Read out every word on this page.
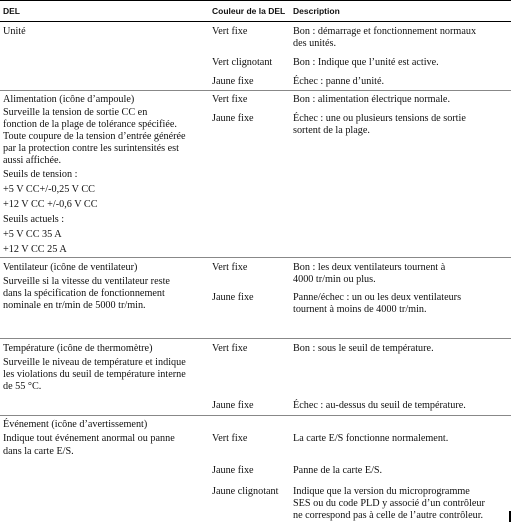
DEL	Couleur de la DEL Description
Unité	Vert fixe	Bon : démarrage et fonctionnement normaux
des unités.
Vert clignotant Bon : Indique que l’unité est active.
Jaune fixe	Échec : panne d’unité.
Alimentation (icône d’ampoule)
Surveille la tension de sortie CC en
fonction de la plage de tolérance spécifiée.
Toute coupure de la tension d’entrée générée
par la protection contre les surintensités est
aussi affichée.
Seuils de tension :
+5 V CC+/-0,25 V CC
+12 V CC +/-0,6 V CC
Seuils actuels :
+5 V CC 35 A
+12 V CC 25 A
Vert fixe	Bon : alimentation électrique normale.
Jaune fixe	Échec : une ou plusieurs tensions de sortie
sortent de la plage.
Ventilateur (icône de ventilateur)
Surveille si la vitesse du ventilateur reste
dans la spécification de fonctionnement
nominale en tr/min de 5000 tr/min.
Vert fixe	Bon : les deux ventilateurs tournent à
4000 tr/min ou plus.
Jaune fixe	Panne/échec : un ou les deux ventilateurs
tournent à moins de 4000 tr/min.
Température (icône de thermomètre)
Surveille le niveau de température et indique
les violations du seuil de température interne
de 55 °C.
Vert fixe	Bon : sous le seuil de température.
Jaune fixe	Échec : au-dessus du seuil de température.
Événement (icône d’avertissement)
Indique tout événement anormal ou panne
dans la carte E/S.
Vert fixe	La carte E/S fonctionne normalement.
Jaune fixe	Panne de la carte E/S.
Jaune clignotant Indique que la version du microprogramme
SES ou du code PLD y associé d’un contrôleur
ne correspond pas à celle de l’autre contrôleur.
